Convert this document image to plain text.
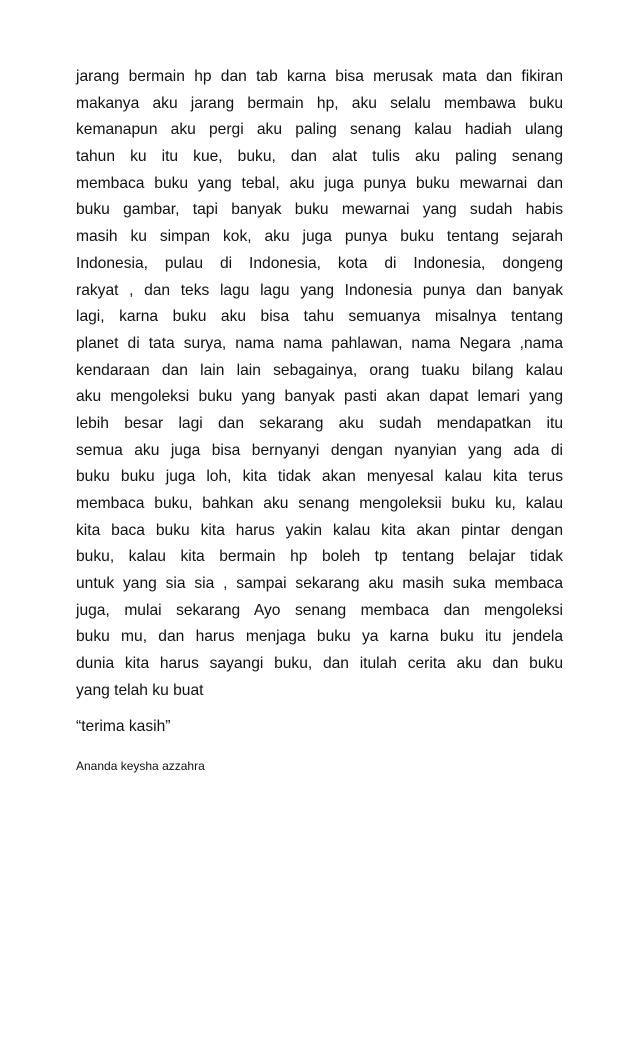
jarang bermain hp dan tab karna bisa merusak mata dan fikiran
makanya aku jarang bermain hp, aku selalu membawa buku
kemanapun aku pergi aku paling senang kalau hadiah ulang
tahun ku itu kue, buku, dan alat tulis aku paling senang
membaca buku yang tebal, aku juga punya buku mewarnai dan
buku gambar, tapi banyak buku mewarnai yang sudah habis
masih ku simpan kok, aku juga punya buku tentang sejarah
Indonesia, pulau di Indonesia, kota di Indonesia, dongeng
rakyat , dan teks lagu lagu yang Indonesia punya dan banyak
lagi, karna buku aku bisa tahu semuanya misalnya tentang
planet di tata surya, nama nama pahlawan, nama Negara ,nama
kendaraan dan lain lain sebagainya, orang tuaku bilang kalau
aku mengoleksi buku yang banyak pasti akan dapat lemari yang
lebih besar lagi dan sekarang aku sudah mendapatkan itu
semua aku juga bisa bernyanyi dengan nyanyian yang ada di
buku buku juga loh, kita tidak akan menyesal kalau kita terus
membaca buku, bahkan aku senang mengoleksii buku ku, kalau
kita baca buku kita harus yakin kalau kita akan pintar dengan
buku, kalau kita bermain hp boleh tp tentang belajar tidak
untuk yang sia sia , sampai sekarang aku masih suka membaca
juga, mulai sekarang Ayo senang membaca dan mengoleksi
buku mu, dan harus menjaga buku ya karna buku itu jendela
dunia kita harus sayangi buku, dan itulah cerita aku dan buku
yang telah ku buat
“terima kasih”
Ananda keysha azzahra
